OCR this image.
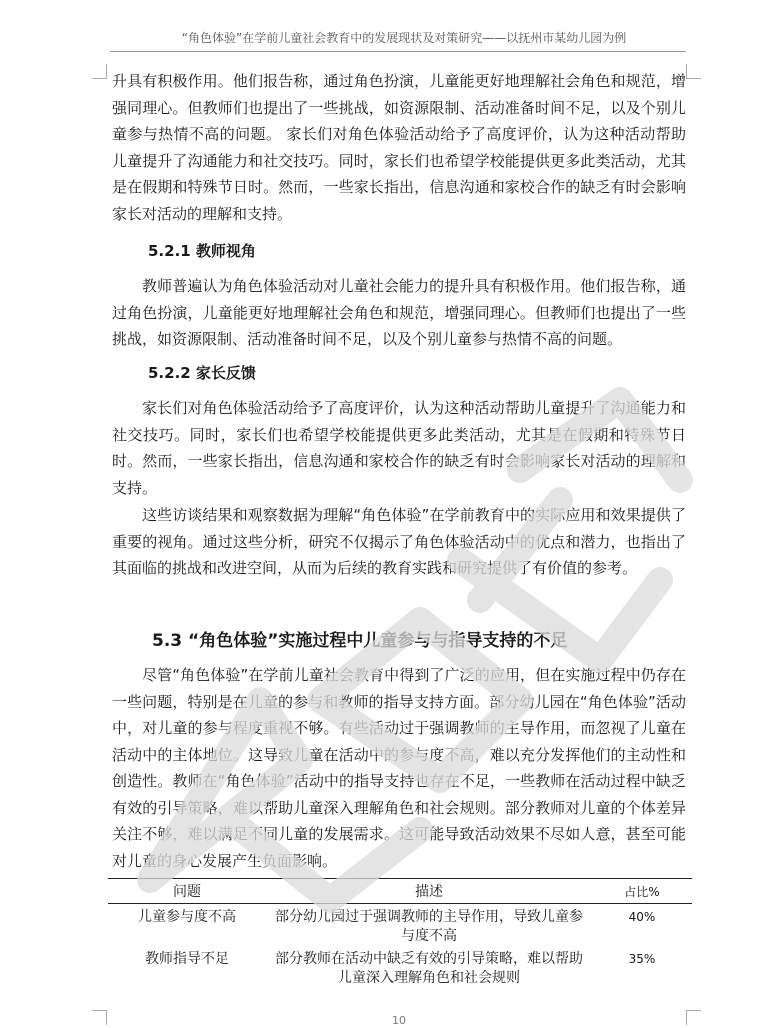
“角色体验”在学前儿童社会教育中的发展现状及对策研究——以抚州市某幼儿园为例
升具有积极作用。他们报告称，通过角色扮演，儿童能更好地理解社会角色和规范，增强同理心。但教师们也提出了一些挑战，如资源限制、活动准备时间不足，以及个别儿童参与热情不高的问题。 家长们对角色体验活动给予了高度评价，认为这种活动帮助儿童提升了沟通能力和社交技巧。同时，家长们也希望学校能提供更多此类活动，尤其是在假期和特殊节日时。然而，一些家长指出，信息沟通和家校合作的缺乏有时会影响家长对活动的理解和支持。
5.2.1 教师视角
教师普遍认为角色体验活动对儿童社会能力的提升具有积极作用。他们报告称，通过角色扮演，儿童能更好地理解社会角色和规范，增强同理心。但教师们也提出了一些挑战，如资源限制、活动准备时间不足，以及个别儿童参与热情不高的问题。
5.2.2 家长反馈
家长们对角色体验活动给予了高度评价，认为这种活动帮助儿童提升了沟通能力和社交技巧。同时，家长们也希望学校能提供更多此类活动，尤其是在假期和特殊节日时。然而，一些家长指出，信息沟通和家校合作的缺乏有时会影响家长对活动的理解和支持。
这些访谈结果和观察数据为理解“角色体验”在学前教育中的实际应用和效果提供了重要的视角。通过这些分析，研究不仅揭示了角色体验活动中的优点和潜力，也指出了其面临的挑战和改进空间，从而为后续的教育实践和研究提供了有价值的参考。
5.3 “角色体验”实施过程中儿童参与与指导支持的不足
尽管“角色体验”在学前儿童社会教育中得到了广泛的应用，但在实施过程中仍存在一些问题，特别是在儿童的参与和教师的指导支持方面。部分幼儿园在“角色体验”活动中，对儿童的参与程度重视不够。有些活动过于强调教师的主导作用，而忽视了儿童在活动中的主体地位。这导致儿童在活动中的参与度不高，难以充分发挥他们的主动性和创造性。教师在“角色体验”活动中的指导支持也存在不足，一些教师在活动过程中缺乏有效的引导策略，难以帮助儿童深入理解角色和社会规则。部分教师对儿童的个体差异关注不够，难以满足不同儿童的发展需求。这可能导致活动效果不尽如人意，甚至可能对儿童的身心发展产生负面影响。
问题	描述	占比%
儿童参与度不高	部分幼儿园过于强调教师的主导作用，导致儿童参与度不高	40%
教师指导不足	部分教师在活动中缺乏有效的引导策略，难以帮助儿童深入理解角色和社会规则	35%
10
